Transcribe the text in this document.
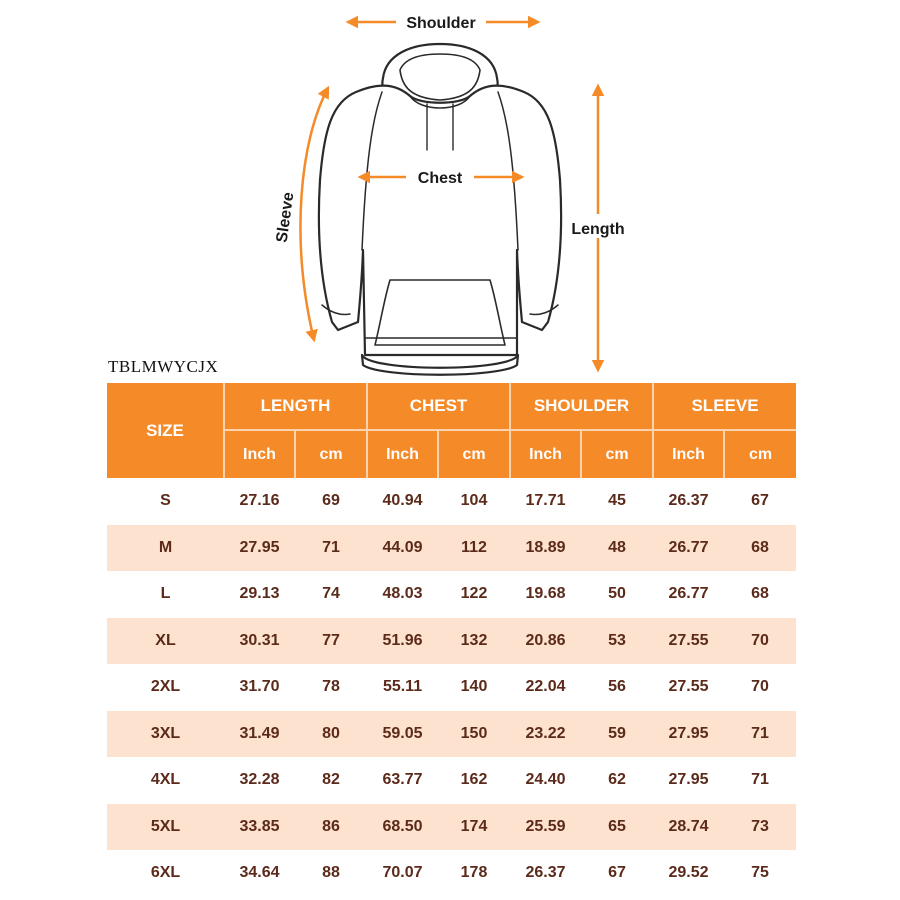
Shoulder
Chest
Sleeve	Length
TBLMWYCJX
SIZE	LENGTH		CHEST		SHOULDER		SLEEVE	
	Inch	cm	Inch	cm	Inch	cm	Inch	cm
S	27.16	69	40.94	104	17.71	45	26.37	67
M	27.95	71	44.09	112	18.89	48	26.77	68
L	29.13	74	48.03	122	19.68	50	26.77	68
XL	30.31	77	51.96	132	20.86	53	27.55	70
2XL	31.70	78	55.11	140	22.04	56	27.55	70
3XL	31.49	80	59.05	150	23.22	59	27.95	71
4XL	32.28	82	63.77	162	24.40	62	27.95	71
5XL	33.85	86	68.50	174	25.59	65	28.74	73
6XL	34.64	88	70.07	178	26.37	67	29.52	75
